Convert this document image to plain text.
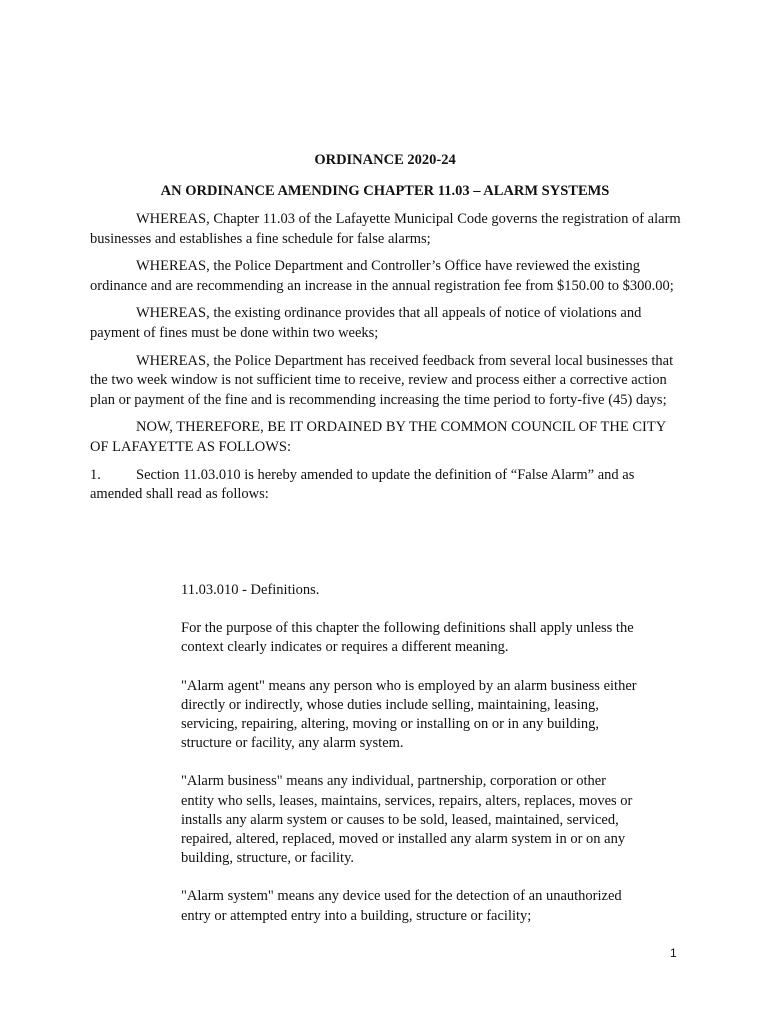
ORDINANCE 2020-24
AN ORDINANCE AMENDING CHAPTER 11.03 – ALARM SYSTEMS

WHEREAS, Chapter 11.03 of the Lafayette Municipal Code governs the registration of alarm businesses and establishes a fine schedule for false alarms;

WHEREAS, the Police Department and Controller’s Office have reviewed the existing ordinance and are recommending an increase in the annual registration fee from $150.00 to $300.00;

WHEREAS, the existing ordinance provides that all appeals of notice of violations and payment of fines must be done within two weeks;

WHEREAS, the Police Department has received feedback from several local businesses that the two week window is not sufficient time to receive, review and process either a corrective action plan or payment of the fine and is recommending increasing the time period to forty-five (45) days;

NOW, THEREFORE, BE IT ORDAINED BY THE COMMON COUNCIL OF THE CITY OF LAFAYETTE AS FOLLOWS:

1. Section 11.03.010 is hereby amended to update the definition of “False Alarm” and as amended shall read as follows:

11.03.010 - Definitions.

For the purpose of this chapter the following definitions shall apply unless the context clearly indicates or requires a different meaning.

"Alarm agent" means any person who is employed by an alarm business either directly or indirectly, whose duties include selling, maintaining, leasing, servicing, repairing, altering, moving or installing on or in any building, structure or facility, any alarm system.

"Alarm business" means any individual, partnership, corporation or other entity who sells, leases, maintains, services, repairs, alters, replaces, moves or installs any alarm system or causes to be sold, leased, maintained, serviced, repaired, altered, replaced, moved or installed any alarm system in or on any building, structure, or facility.

"Alarm system" means any device used for the detection of an unauthorized entry or attempted entry into a building, structure or facility;

1
